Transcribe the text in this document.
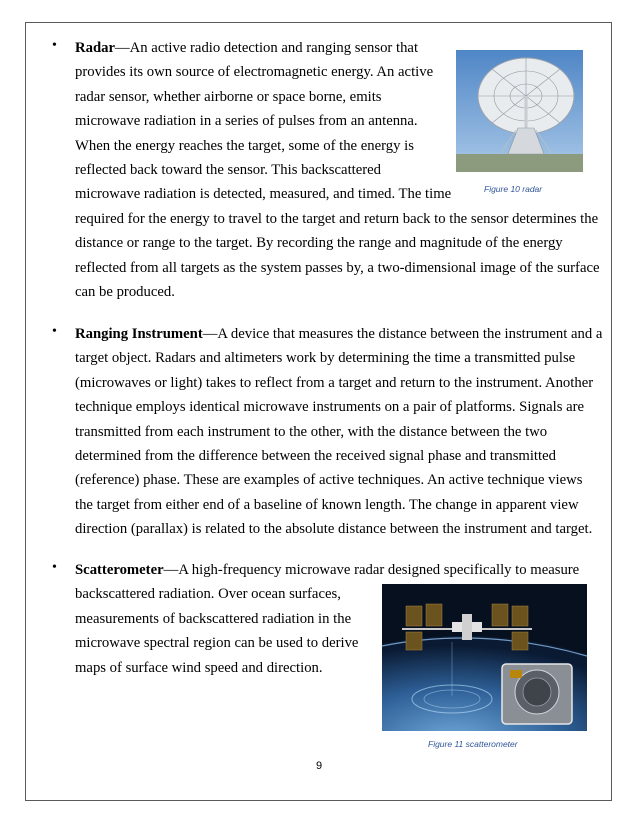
• Radar—An active radio detection and ranging sensor that
provides its own source of electromagnetic energy. An active
radar sensor, whether airborne or space borne, emits
microwave radiation in a series of pulses from an antenna.
When the energy reaches the target, some of the energy is
reflected back toward the sensor. This backscattered
microwave radiation is detected, measured, and timed. The time
required for the energy to travel to the target and return back to the sensor determines the
distance or range to the target. By recording the range and magnitude of the energy
reflected from all targets as the system passes by, a two-dimensional image of the surface
can be produced.
Figure 10 radar
• Ranging Instrument—A device that measures the distance between the instrument and a
target object. Radars and altimeters work by determining the time a transmitted pulse
(microwaves or light) takes to reflect from a target and return to the instrument. Another
technique employs identical microwave instruments on a pair of platforms. Signals are
transmitted from each instrument to the other, with the distance between the two
determined from the difference between the received signal phase and transmitted
(reference) phase. These are examples of active techniques. An active technique views
the target from either end of a baseline of known length. The change in apparent view
direction (parallax) is related to the absolute distance between the instrument and target.
• Scatterometer—A high-frequency microwave radar designed specifically to measure
backscattered radiation. Over ocean surfaces,
measurements of backscattered radiation in the
microwave spectral region can be used to derive
maps of surface wind speed and direction.
Figure 11 scatterometer
9
